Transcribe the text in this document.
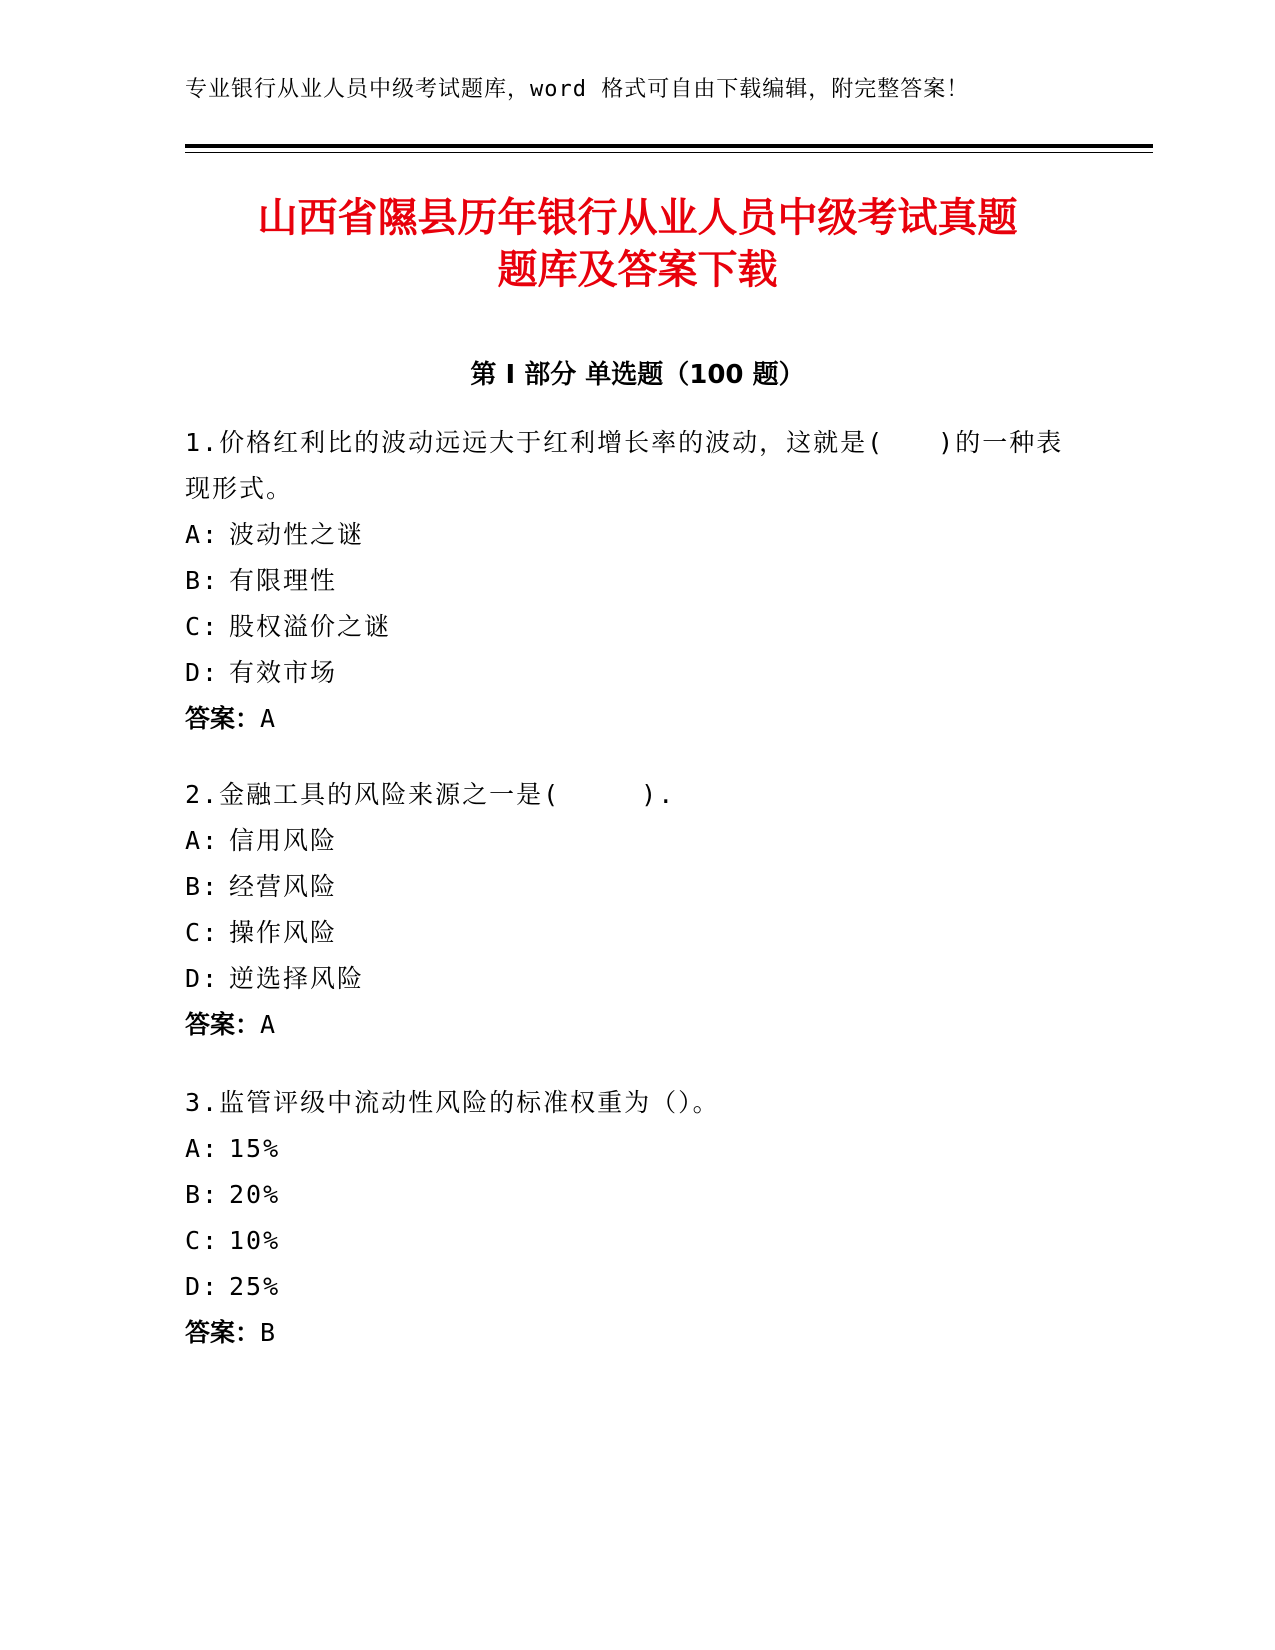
专业银行从业人员中级考试题库，word 格式可自由下载编辑，附完整答案！
山西省隰县历年银行从业人员中级考试真题
题库及答案下载
第 I 部分 单选题（100 题）
1.价格红利比的波动远远大于红利增长率的波动，这就是(　　)的一种表现形式。
A: 波动性之谜
B: 有限理性
C: 股权溢价之谜
D: 有效市场
答案：A
2.金融工具的风险来源之一是(　　　).
A: 信用风险
B: 经营风险
C: 操作风险
D: 逆选择风险
答案：A
3.监管评级中流动性风险的标准权重为（）。
A: 15%
B: 20%
C: 10%
D: 25%
答案：B
